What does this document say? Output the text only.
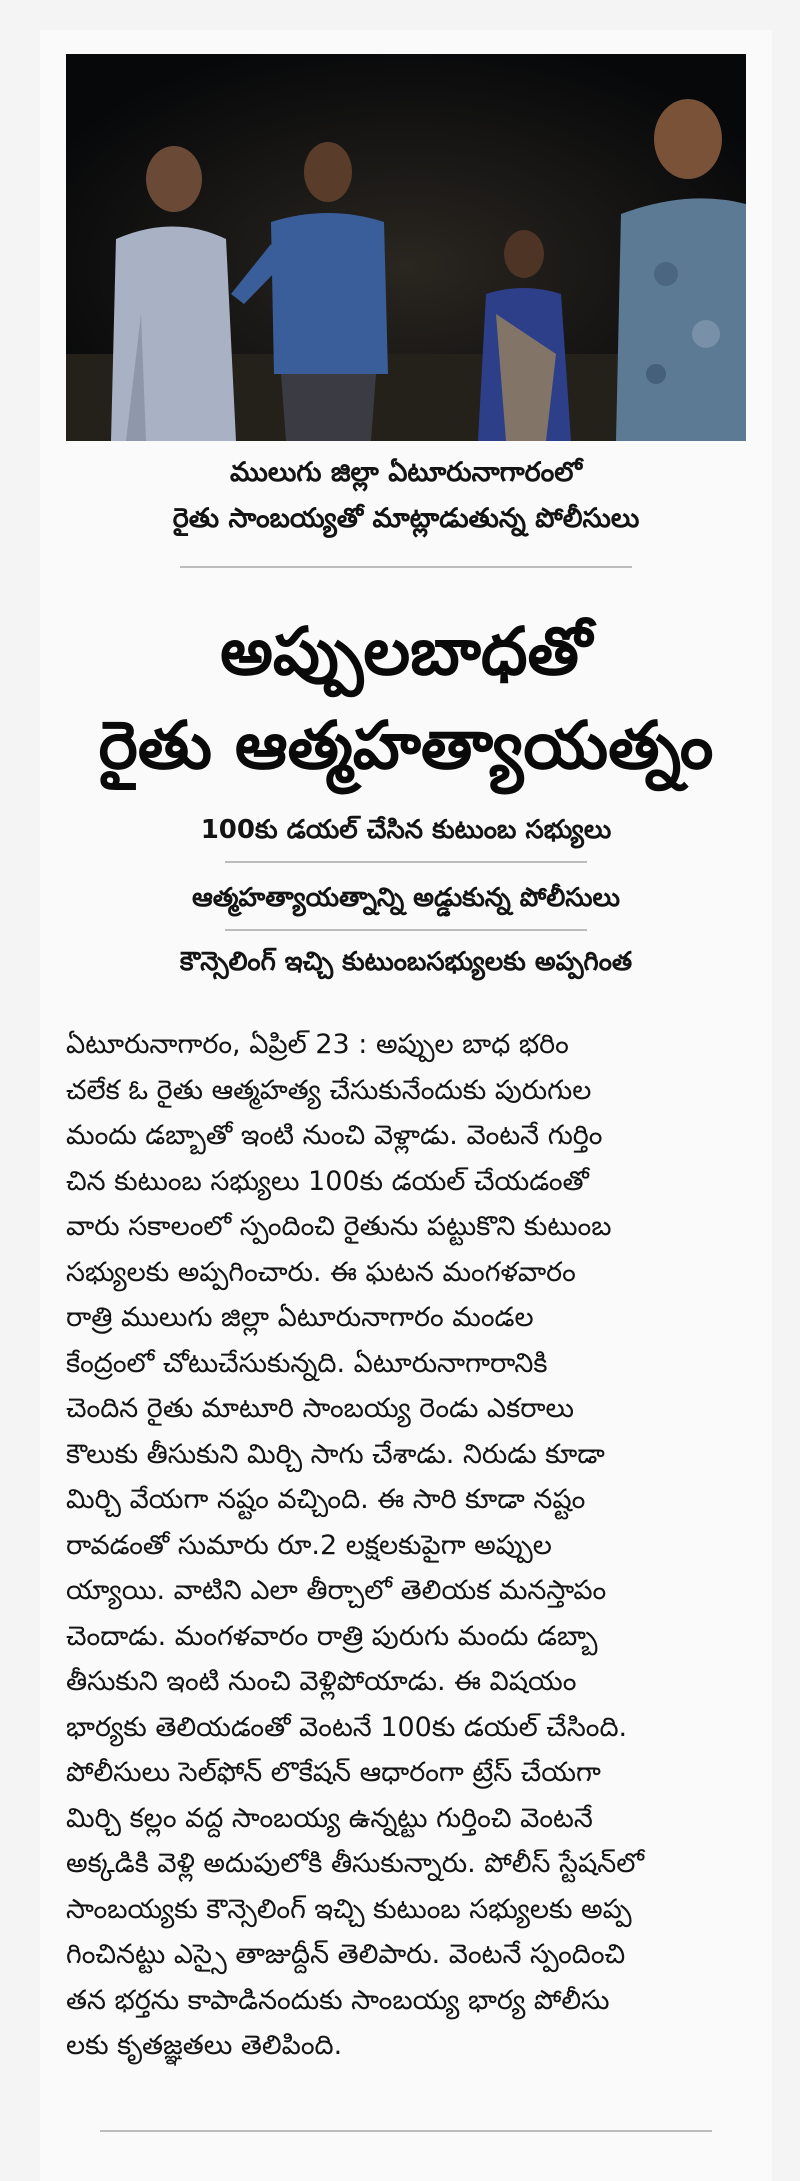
ములుగు జిల్లా ఏటూరునాగారంలో
రైతు సాంబయ్యతో మాట్లాడుతున్న పోలీసులు
అప్పులబాధతో
రైతు ఆత్మహత్యాయత్నం
100కు డయల్ చేసిన కుటుంబ సభ్యులు
ఆత్మహత్యాయత్నాన్ని అడ్డుకున్న పోలీసులు
కౌన్సెలింగ్ ఇచ్చి కుటుంబసభ్యులకు అప్పగింత
ఏటూరునాగారం, ఏప్రిల్ 23 : అప్పుల బాధ భరిం
చలేక ఓ రైతు ఆత్మహత్య చేసుకునేందుకు పురుగుల
మందు డబ్బాతో ఇంటి నుంచి వెళ్లాడు. వెంటనే గుర్తిం
చిన కుటుంబ సభ్యులు 100కు డయల్ చేయడంతో
వారు సకాలంలో స్పందించి రైతును పట్టుకొని కుటుంబ
సభ్యులకు అప్పగించారు. ఈ ఘటన మంగళవారం
రాత్రి ములుగు జిల్లా ఏటూరునాగారం మండల
కేంద్రంలో చోటుచేసుకున్నది. ఏటూరునాగారానికి
చెందిన రైతు మాటూరి సాంబయ్య రెండు ఎకరాలు
కౌలుకు తీసుకుని మిర్చి సాగు చేశాడు. నిరుడు కూడా
మిర్చి వేయగా నష్టం వచ్చింది. ఈ సారి కూడా నష్టం
రావడంతో సుమారు రూ.2 లక్షలకుపైగా అప్పుల
య్యాయి. వాటిని ఎలా తీర్చాలో తెలియక మనస్తాపం
చెందాడు. మంగళవారం రాత్రి పురుగు మందు డబ్బా
తీసుకుని ఇంటి నుంచి వెళ్లిపోయాడు. ఈ విషయం
భార్యకు తెలియడంతో వెంటనే 100కు డయల్ చేసింది.
పోలీసులు సెల్‌ఫోన్ లొకేషన్ ఆధారంగా ట్రేస్ చేయగా
మిర్చి కల్లం వద్ద సాంబయ్య ఉన్నట్టు గుర్తించి వెంటనే
అక్కడికి వెళ్లి అదుపులోకి తీసుకున్నారు. పోలీస్ స్టేషన్‌లో
సాంబయ్యకు కౌన్సెలింగ్ ఇచ్చి కుటుంబ సభ్యులకు అప్ప
గించినట్టు ఎస్సై తాజుద్దీన్ తెలిపారు. వెంటనే స్పందించి
తన భర్తను కాపాడినందుకు సాంబయ్య భార్య పోలీసు
లకు కృతజ్ఞతలు తెలిపింది.
